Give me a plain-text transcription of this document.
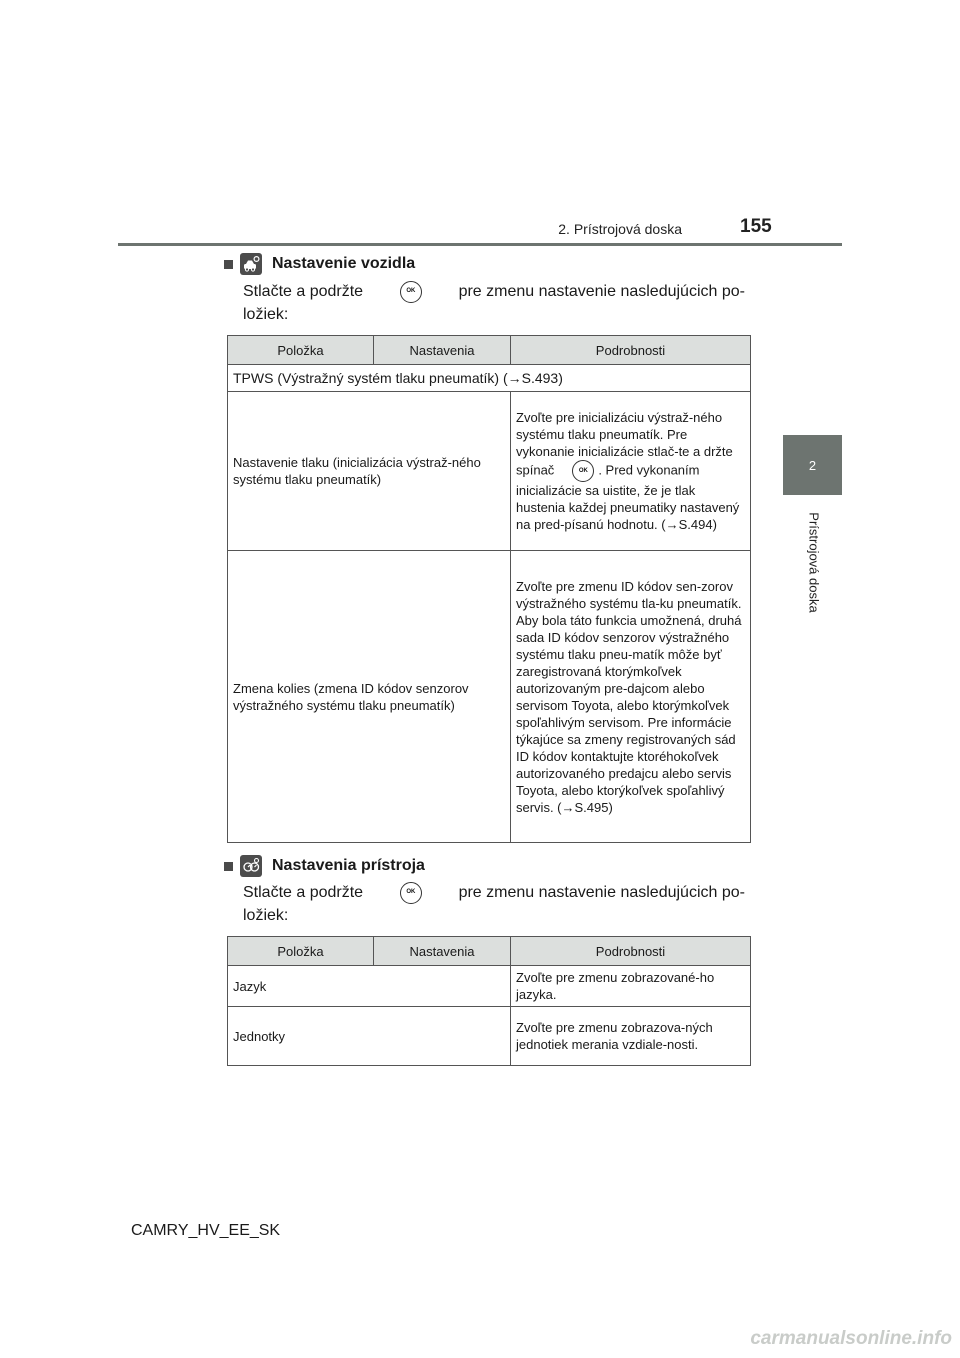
2. Prístrojová doska	155
2
Prístrojová doska
Nastavenie vozidla
Stlačte a podržte	OK	pre zmenu nastavenie nasledujúcich po-
ložiek:
Položka	Nastavenia	Podrobnosti
TPWS (Výstražný systém tlaku pneumatík) (→S.493)		
Nastavenie tlaku (inicializácia výstraž-ného systému tlaku pneumatík)		Zvoľte pre inicializáciu výstraž-ného systému tlaku pneumatík. Pre vykonanie inicializácie stlač-te a držte spínač OK . Pred vykonaním inicializácie sa uistite, že je tlak hustenia každej pneumatiky nastavený na pred-písanú hodnotu. (→S.494)
Zmena kolies (zmena ID kódov senzorov výstražného systému tlaku pneumatík)		Zvoľte pre zmenu ID kódov sen-zorov výstražného systému tla-ku pneumatík. Aby bola táto funkcia umožnená, druhá sada ID kódov senzorov výstražného systému tlaku pneu-matík môže byť zaregistrovaná ktorýmkoľvek autorizovaným pre-dajcom alebo servisom Toyota, alebo ktorýmkoľvek spoľahlivým servisom. Pre informácie týkajúce sa zmeny registrovaných sád ID kódov kontaktujte ktoréhokoľvek autorizovaného predajcu alebo servis Toyota, alebo ktorýkoľvek spoľahlivý servis. (→S.495)
Nastavenia prístroja
Stlačte a podržte	OK	pre zmenu nastavenie nasledujúcich po-
ložiek:
Položka	Nastavenia	Podrobnosti
Jazyk		Zvoľte pre zmenu zobrazované-ho jazyka.
Jednotky		Zvoľte pre zmenu zobrazova-ných jednotiek merania vzdiale-nosti.
CAMRY_HV_EE_SK
carmanualsonline.info
